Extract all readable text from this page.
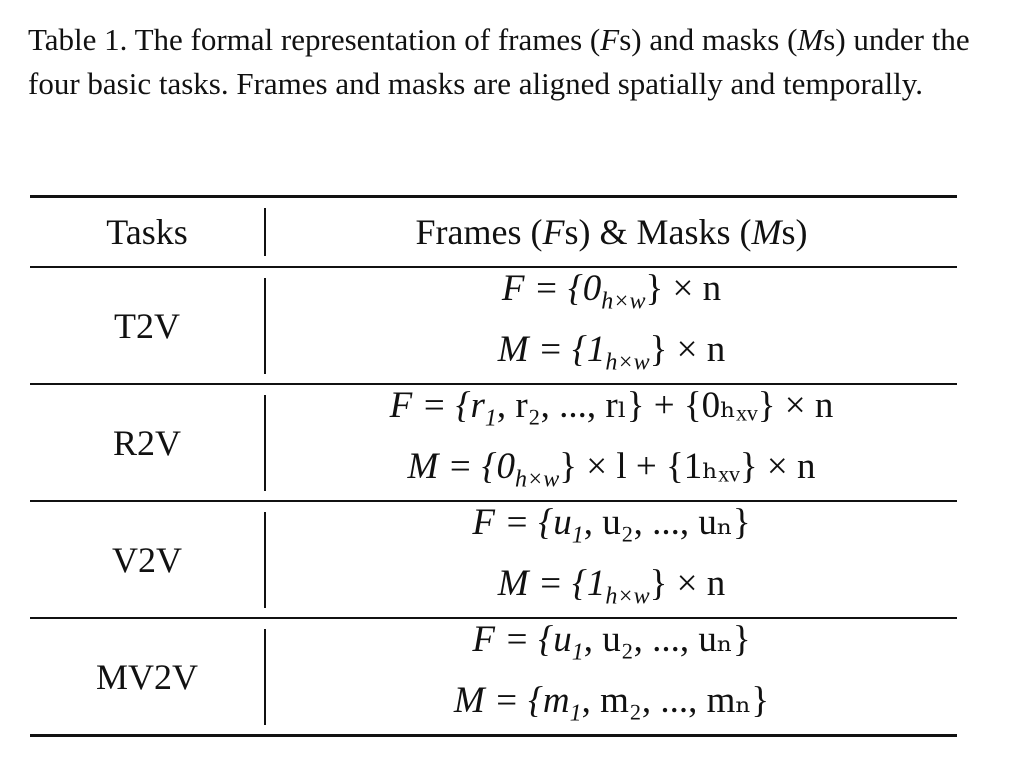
Table 1. The formal representation of frames (Fs) and masks (Ms) under the four basic tasks. Frames and masks are aligned spatially and temporally.

Tasks	Frames (Fs) & Masks (Ms)
T2V
$F = \{0_{h\times w}\} \times n$
$M = \{1_{h\times w}\} \times n$
R2V
$F = \{r_1$, r₂, ..., rₗ} + {0ₕₓᵥ} × n
$M = \{0_{h\times w}\} \times l$ + {1ₕₓᵥ} × n
V2V
$F = \{u_1$, u₂, ..., uₙ}
$M = \{1_{h\times w}\} \times n$
MV2V
$F = \{u_1$, u₂, ..., uₙ}
$M = \{m_1$, m₂, ..., mₙ}
